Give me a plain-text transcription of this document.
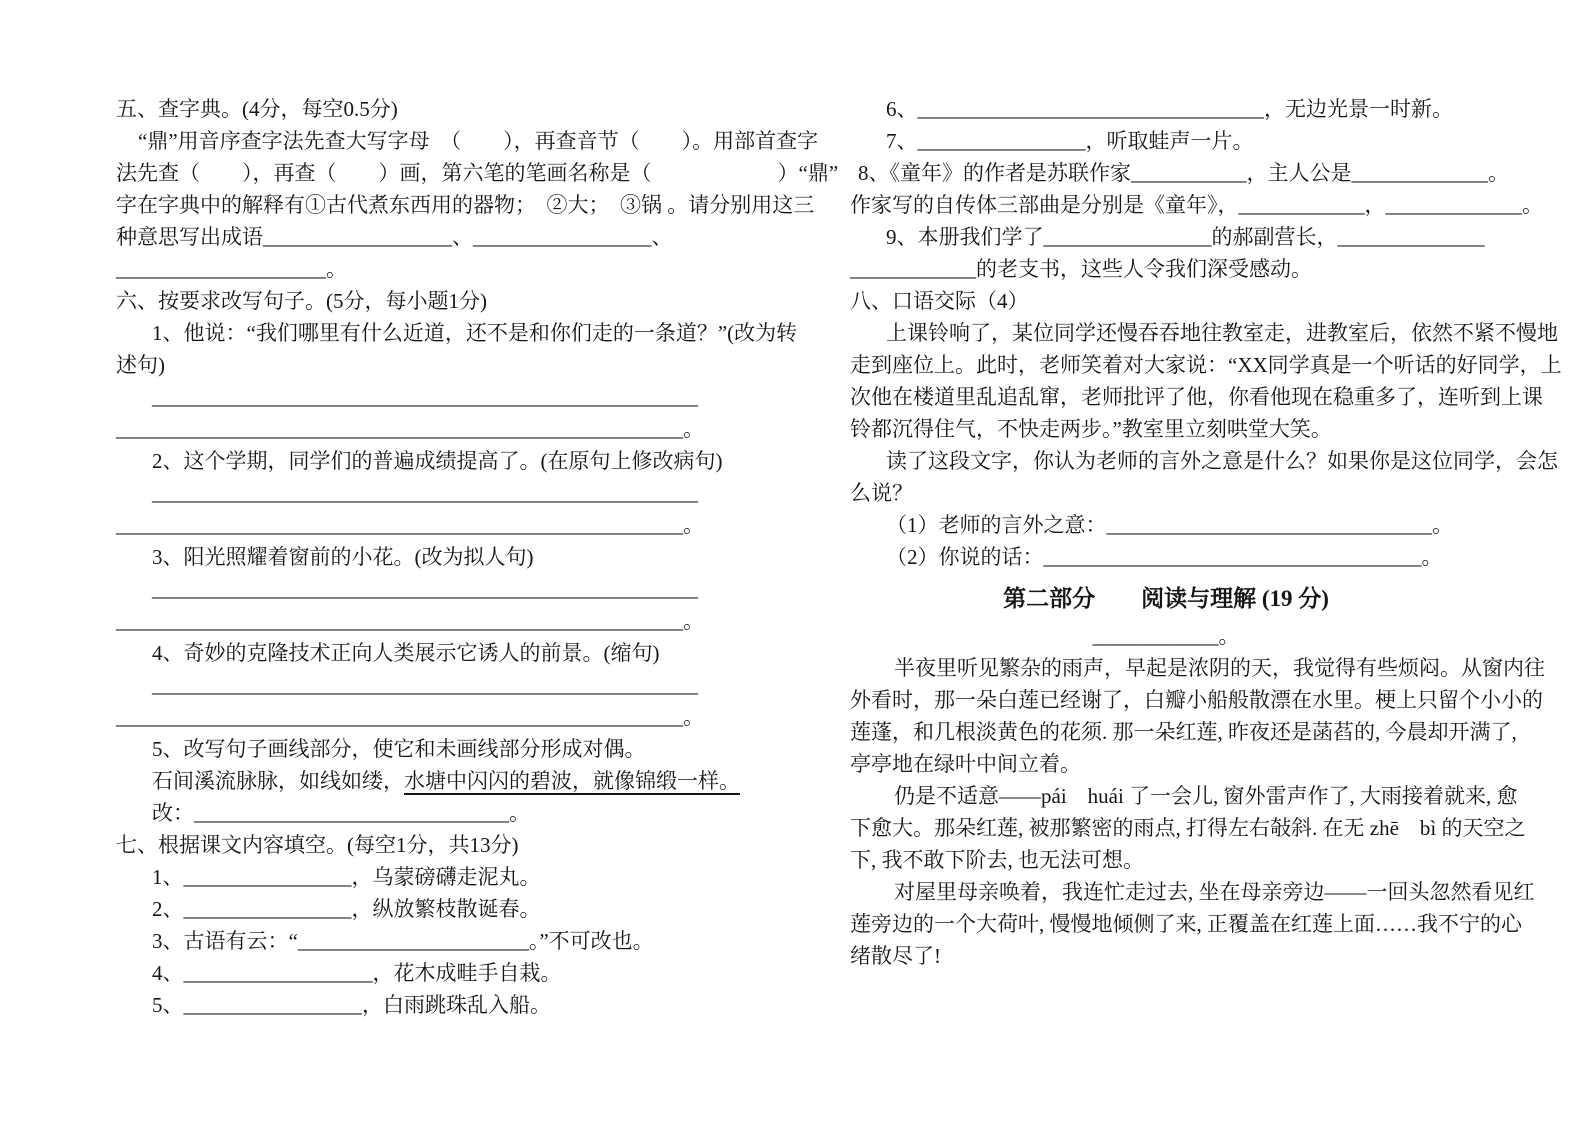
五、查字典。(4分，每空0.5分)

“鼎”用音序查字法先查大写字母　（　　），再查音节（　　）。用部首查字

法先查（　　），再查（　　）画，第六笔的笔画名称是（　　　　　　）“鼎”

字在字典中的解释有①古代煮东西用的器物；　②大；　③锅 。请分别用这三

种意思写出成语__________________、_________________、

____________________。

六、按要求改写句子。(5分，每小题1分)

1、他说：“我们哪里有什么近道，还不是和你们走的一条道？”(改为转

述句)

____________________________________________________

______________________________________________________。

2、这个学期，同学们的普遍成绩提高了。(在原句上修改病句)

____________________________________________________

______________________________________________________。

3、阳光照耀着窗前的小花。(改为拟人句)

____________________________________________________

______________________________________________________。

4、奇妙的克隆技术正向人类展示它诱人的前景。(缩句)

____________________________________________________

______________________________________________________。

5、改写句子画线部分，使它和未画线部分形成对偶。

石间溪流脉脉，如线如缕，水塘中闪闪的碧波，就像锦缎一样。

改：______________________________。

七、根据课文内容填空。(每空1分，共13分)

1、________________，乌蒙磅礴走泥丸。

2、________________，纵放繁枝散诞春。

3、古语有云：“______________________。”不可改也。

4、__________________，花木成畦手自栽。

5、_________________，白雨跳珠乱入船。

6、_________________________________，无边光景一时新。

7、________________，听取蛙声一片。

8、《童年》的作者是苏联作家___________，主人公是_____________。

作家写的自传体三部曲是分别是《童年》，____________，_____________。

9、本册我们学了________________的郝副营长，______________

____________的老支书，这些人令我们深受感动。

八、口语交际（4）

上课铃响了，某位同学还慢吞吞地往教室走，进教室后，依然不紧不慢地

走到座位上。此时，老师笑着对大家说：“XX同学真是一个听话的好同学，上

次他在楼道里乱追乱窜，老师批评了他，你看他现在稳重多了，连听到上课

铃都沉得住气，不快走两步。”教室里立刻哄堂大笑。

读了这段文字，你认为老师的言外之意是什么？如果你是这位同学，会怎

么说？

（1）老师的言外之意：_______________________________。

（2）你说的话：____________________________________。

第二部分　　阅读与理解 (19 分)

____________。

半夜里听见繁杂的雨声，早起是浓阴的天，我觉得有些烦闷。从窗内往

外看时，那一朵白莲已经谢了，白瓣小船般散漂在水里。梗上只留个小小的

莲蓬，和几根淡黄色的花须. 那一朵红莲, 昨夜还是菡萏的, 今晨却开满了,

亭亭地在绿叶中间立着。

仍是不适意——pái　huái 了一会儿, 窗外雷声作了, 大雨接着就来, 愈

下愈大。那朵红莲, 被那繁密的雨点, 打得左右敧斜. 在无 zhē　bì 的天空之

下, 我不敢下阶去, 也无法可想。

对屋里母亲唤着，我连忙走过去, 坐在母亲旁边——一回头忽然看见红

莲旁边的一个大荷叶, 慢慢地倾侧了来, 正覆盖在红莲上面……我不宁的心

绪散尽了!
